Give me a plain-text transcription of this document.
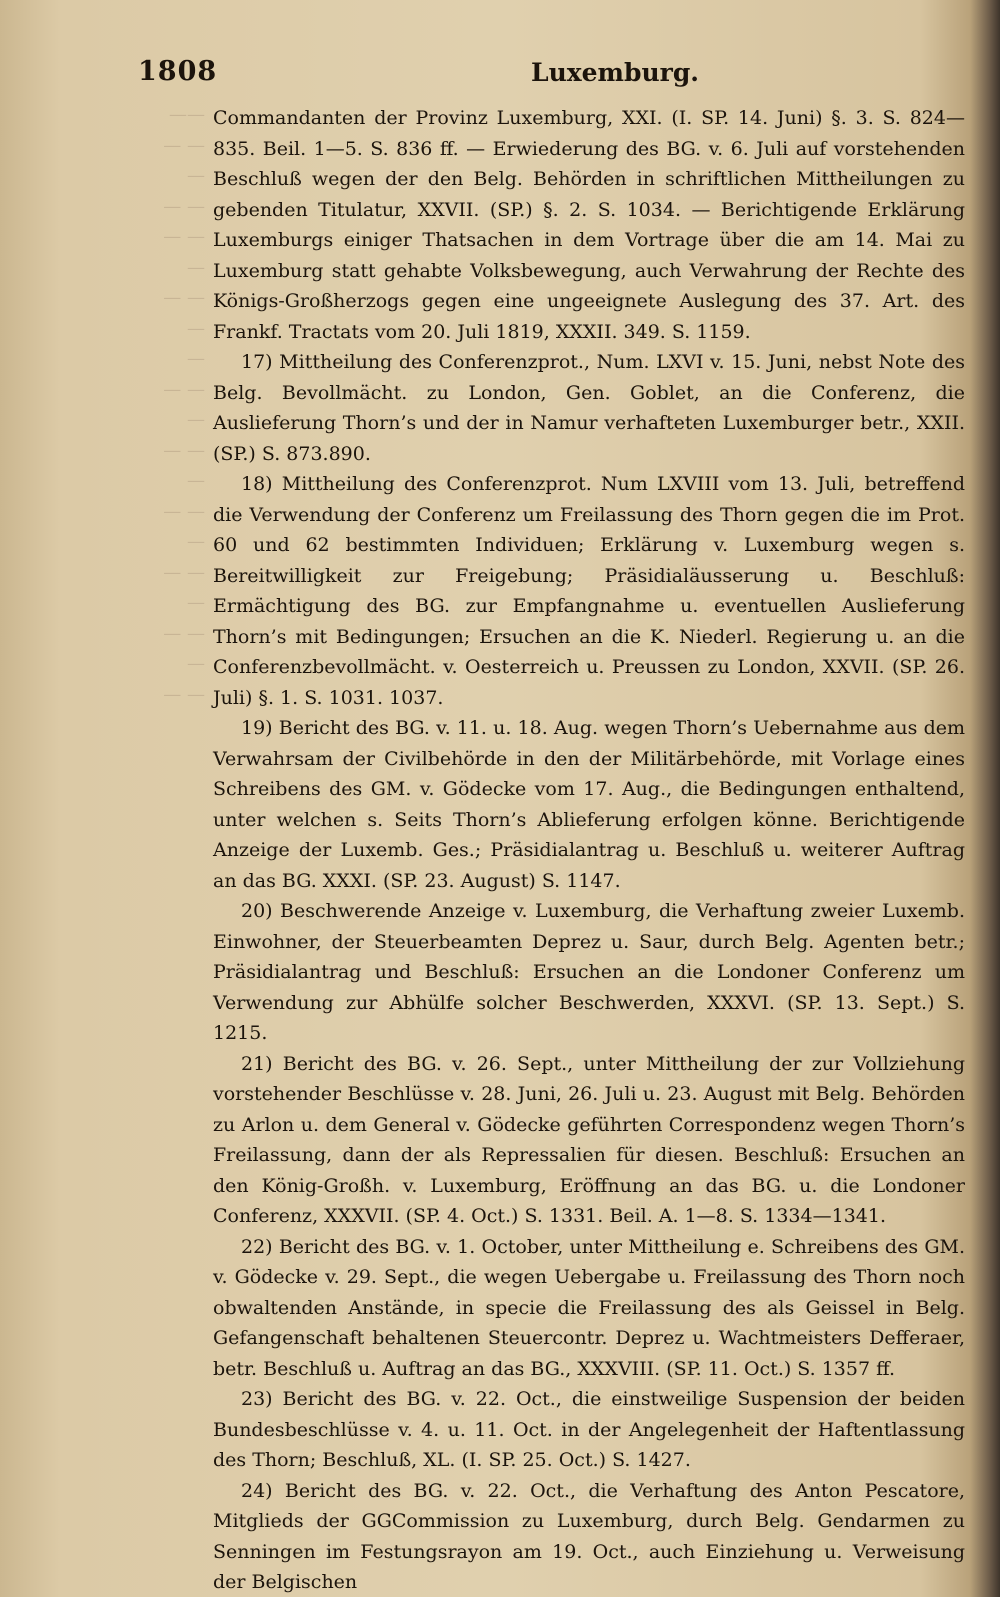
——
— —
—
— —
— —
—
— —
—
—
— —
—
— —
—
— —
—
— —
—
— —
—
— —
1808	Luxemburg.

Commandanten der Provinz Luxemburg, XXI. (I. SP. 14. Juni) §. 3. S. 824—835. Beil. 1—5. S. 836 ff. — Erwiederung des BG. v. 6. Juli auf vorstehenden Beschluß wegen der den Belg. Behörden in schriftlichen Mittheilungen zu gebenden Titulatur, XXVII. (SP.) §. 2. S. 1034. — Berichtigende Erklärung Luxemburgs einiger Thatsachen in dem Vortrage über die am 14. Mai zu Luxemburg statt gehabte Volksbewegung, auch Verwahrung der Rechte des Königs-Großherzogs gegen eine ungeeignete Auslegung des 37. Art. des Frankf. Tractats vom 20. Juli 1819, XXXII. 349. S. 1159.

17) Mittheilung des Conferenzprot., Num. LXVI v. 15. Juni, nebst Note des Belg. Bevollmächt. zu London, Gen. Goblet, an die Conferenz, die Auslieferung Thorn’s und der in Namur verhafteten Luxemburger betr., XXII. (SP.) S. 873.890.

18) Mittheilung des Conferenzprot. Num LXVIII vom 13. Juli, betreffend die Verwendung der Conferenz um Freilassung des Thorn gegen die im Prot. 60 und 62 bestimmten Individuen; Erklärung v. Luxemburg wegen s. Bereitwilligkeit zur Freigebung; Präsidialäusserung u. Beschluß: Ermächtigung des BG. zur Empfangnahme u. eventuellen Auslieferung Thorn’s mit Bedingungen; Ersuchen an die K. Niederl. Regierung u. an die Conferenzbevollmächt. v. Oesterreich u. Preussen zu London, XXVII. (SP. 26. Juli) §. 1. S. 1031. 1037.

19) Bericht des BG. v. 11. u. 18. Aug. wegen Thorn’s Uebernahme aus dem Verwahrsam der Civilbehörde in den der Militärbehörde, mit Vorlage eines Schreibens des GM. v. Gödecke vom 17. Aug., die Bedingungen enthaltend, unter welchen s. Seits Thorn’s Ablieferung erfolgen könne. Berichtigende Anzeige der Luxemb. Ges.; Präsidialantrag u. Beschluß u. weiterer Auftrag an das BG. XXXI. (SP. 23. August) S. 1147.

20) Beschwerende Anzeige v. Luxemburg, die Verhaftung zweier Luxemb. Einwohner, der Steuerbeamten Deprez u. Saur, durch Belg. Agenten betr.; Präsidialantrag und Beschluß: Ersuchen an die Londoner Conferenz um Verwendung zur Abhülfe solcher Beschwerden, XXXVI. (SP. 13. Sept.) S. 1215.

21) Bericht des BG. v. 26. Sept., unter Mittheilung der zur Vollziehung vorstehender Beschlüsse v. 28. Juni, 26. Juli u. 23. August mit Belg. Behörden zu Arlon u. dem General v. Gödecke geführten Correspondenz wegen Thorn’s Freilassung, dann der als Repressalien für diesen. Beschluß: Ersuchen an den König-Großh. v. Luxemburg, Eröffnung an das BG. u. die Londoner Conferenz, XXXVII. (SP. 4. Oct.) S. 1331. Beil. A. 1—8. S. 1334—1341.

22) Bericht des BG. v. 1. October, unter Mittheilung e. Schreibens des GM. v. Gödecke v. 29. Sept., die wegen Uebergabe u. Freilassung des Thorn noch obwaltenden Anstände, in specie die Freilassung des als Geissel in Belg. Gefangenschaft behaltenen Steuercontr. Deprez u. Wachtmeisters Defferaer, betr. Beschluß u. Auftrag an das BG., XXXVIII. (SP. 11. Oct.) S. 1357 ff.

23) Bericht des BG. v. 22. Oct., die einstweilige Suspension der beiden Bundesbeschlüsse v. 4. u. 11. Oct. in der Angelegenheit der Haftentlassung des Thorn; Beschluß, XL. (I. SP. 25. Oct.) S. 1427.

24) Bericht des BG. v. 22. Oct., die Verhaftung des Anton Pescatore, Mitglieds der GGCommission zu Luxemburg, durch Belg. Gendarmen zu Senningen im Festungsrayon am 19. Oct., auch Einziehung u. Verweisung der Belgischen
